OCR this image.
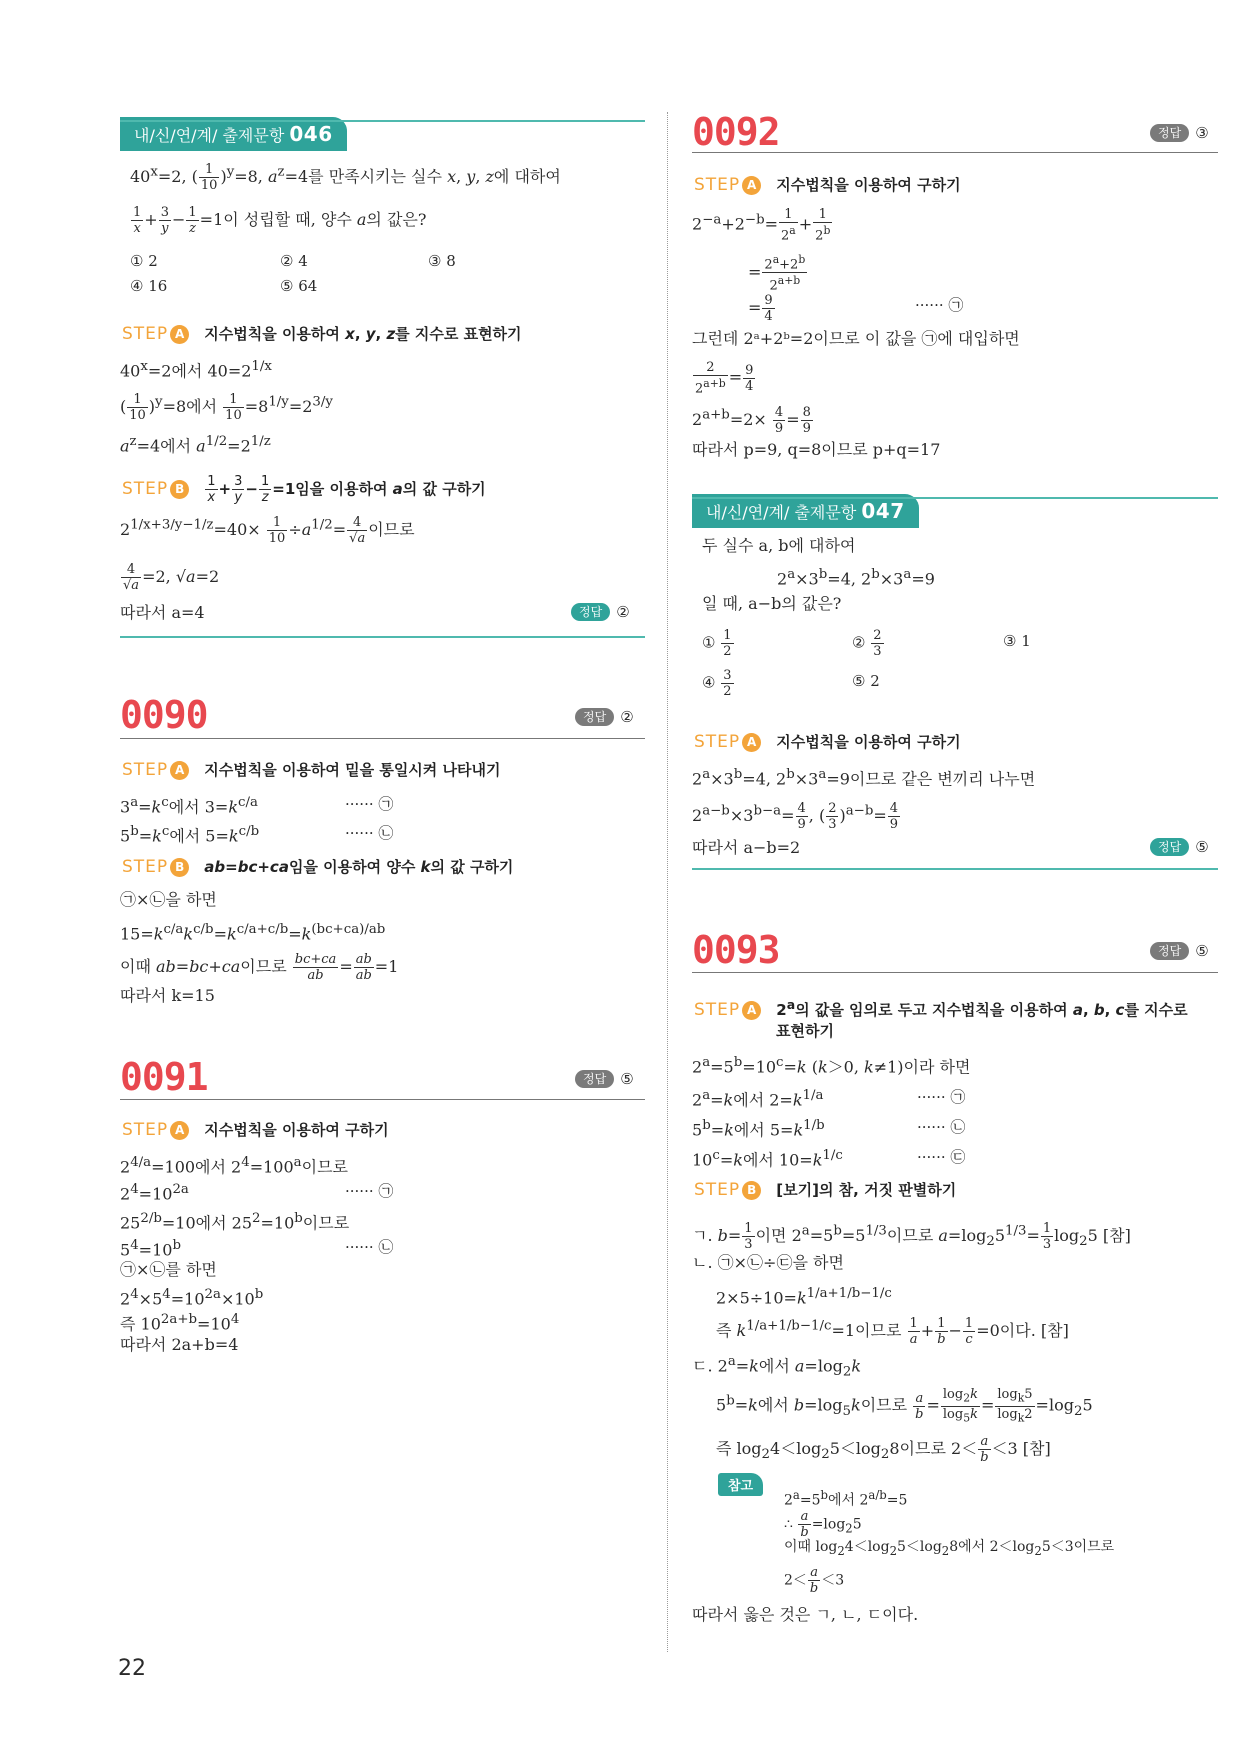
내/신/연/계/ 출제문항 046
$40^x=2$, ( $\frac{1}{10} )^y=8$, $a^z=4$를 만족시키는 실수 x, y, z에 대하여
$\frac{1}{x} + \frac{3}{y} - \frac{1}{z} =1$이 성립할 때, 양수 a의 값은?
① 2	② 4	③ 8
④ 16	⑤ 64
STEP A 지수법칙을 이용하여 x, y, z를 지수로 표현하기
$40^x=2$에서 $40=2^{1/x}$
( $\frac{1}{10} )^y=8$에서 $\frac{1}{10} =8^{1/y}=2^{3/y}$
$a^z=4$에서 $a^{1/2}=2^{1/z}$
STEP B $\frac{1}{x} + \frac{3}{y} - \frac{1}{z} =1$임을 이용하여 a의 값 구하기
$2^{1/x+3/y-1/z}=40\times \frac{1}{10} \div a^{1/2}= \frac{4}{√a}$ 이므로
$\frac{4}{√a} =2$, √a=2
따라서 a=4	정답 ②
0090	정답 ②
STEP A 지수법칙을 이용하여 밑을 통일시켜 나타내기
$3^a=k^c$에서 $3=k^{c/a}$	······ ㉠
$5^b=k^c$에서 $5=k^{c/b}$	······ ㉡
STEP B ab=bc+ca임을 이용하여 양수 k의 값 구하기
㉠×㉡을 하면
$15=k^{c/a}k^{c/b}=k^{c/a+c/b}=k^{(bc+ca)/ab}$
이때 ab=bc+ca이므로 $\frac{bc+ca}{ab} = \frac{ab}{ab} =1$
따라서 k=15
0091	정답 ⑤
STEP A 지수법칙을 이용하여 구하기
$2^{4/a}=100$에서 $2^4=100^a$이므로
$2^4=10^{2a}$	······ ㉠
$25^{2/b}=10$에서 $25^2=10^b$이므로
$5^4=10^b$	······ ㉡
㉠×㉡를 하면
$2^4\times 5^4=10^{2a}\times 10^b$
즉 $10^{2a+b}=10^4$
따라서 2a+b=4
22
0092	정답 ③
STEP A 지수법칙을 이용하여 구하기
$2^{-a}+2^{-b}= \frac{1}{2^a} + \frac{1}{2^b}$
= $\frac{2^a+2^b}{2^{a+b}}$
= $\frac{9}{4}$	······ ㉠
그런데 2ᵃ+2ᵇ=2이므로 이 값을 ㉠에 대입하면
$\frac{2}{2^{a+b}} = \frac{9}{4}$
$2^{a+b}=2\times \frac{4}{9} = \frac{8}{9}$
따라서 p=9, q=8이므로 p+q=17
내/신/연/계/ 출제문항 047
두 실수 a, b에 대하여
$2^a\times 3^b=4$, $2^b\times 3^a=9$
일 때, a−b의 값은?
① $\frac{1}{2}$	② $\frac{2}{3}$	③ 1
④ $\frac{3}{2}$	⑤ 2
STEP A 지수법칙을 이용하여 구하기
$2^a\times 3^b=4$, $2^b\times 3^a=9$이므로 같은 변끼리 나누면
$2^{a-b}\times 3^{b-a}= \frac{4}{9}$ , ( $\frac{2}{3} )^{a-b}= \frac{4}{9}$
따라서 a−b=2	정답 ⑤
0093	정답 ⑤
STEP A 2$^a$의 값을 임의로 두고 지수법칙을 이용하여 a, b, c를 지수로
표현하기
$2^a=5^b=10^c=k$ (k＞0, k≠1)이라 하면
$2^a=k$에서 $2=k^{1/a}$	······ ㉠
$5^b=k$에서 $5=k^{1/b}$	······ ㉡
$10^c=k$에서 $10=k^{1/c}$	······ ㉢
STEP B [보기]의 참, 거짓 판별하기
ㄱ. $b= \frac{1}{3}$ 이면 $2^a=5^b=5^{1/3}$이므로 $a=\log_25^{1/3}= \frac{1}{3} \log_25$ [참]
ㄴ. ㉠×㉡÷㉢을 하면
$2\times 5\div 10=k^{1/a+1/b-1/c}$
즉 $k^{1/a+1/b-1/c}=1$이므로 $\frac{1}{a} + \frac{1}{b} - \frac{1}{c} =0$이다. [참]
ㄷ. $2^a=k$에서 $a=\log_2k$
$5^b=k$에서 $b=\log_5k$이므로 $\frac{a}{b} = \frac{\log_2k}{\log_5k} = \frac{\log_k5}{\log_k2} =\log_25$
즉 $\log_24<\log_25<\log_28$이므로 $2< \frac{a}{b} <3$ [참]
참고
$2^a=5^b$에서 $2^{a/b}=5$
∴ $\frac{a}{b} =\log_25$
이때 $\log_24<\log_25<\log_28$에서 $2<\log_25<3$이므로
$2< \frac{a}{b} <3$
따라서 옳은 것은 ㄱ, ㄴ, ㄷ이다.
